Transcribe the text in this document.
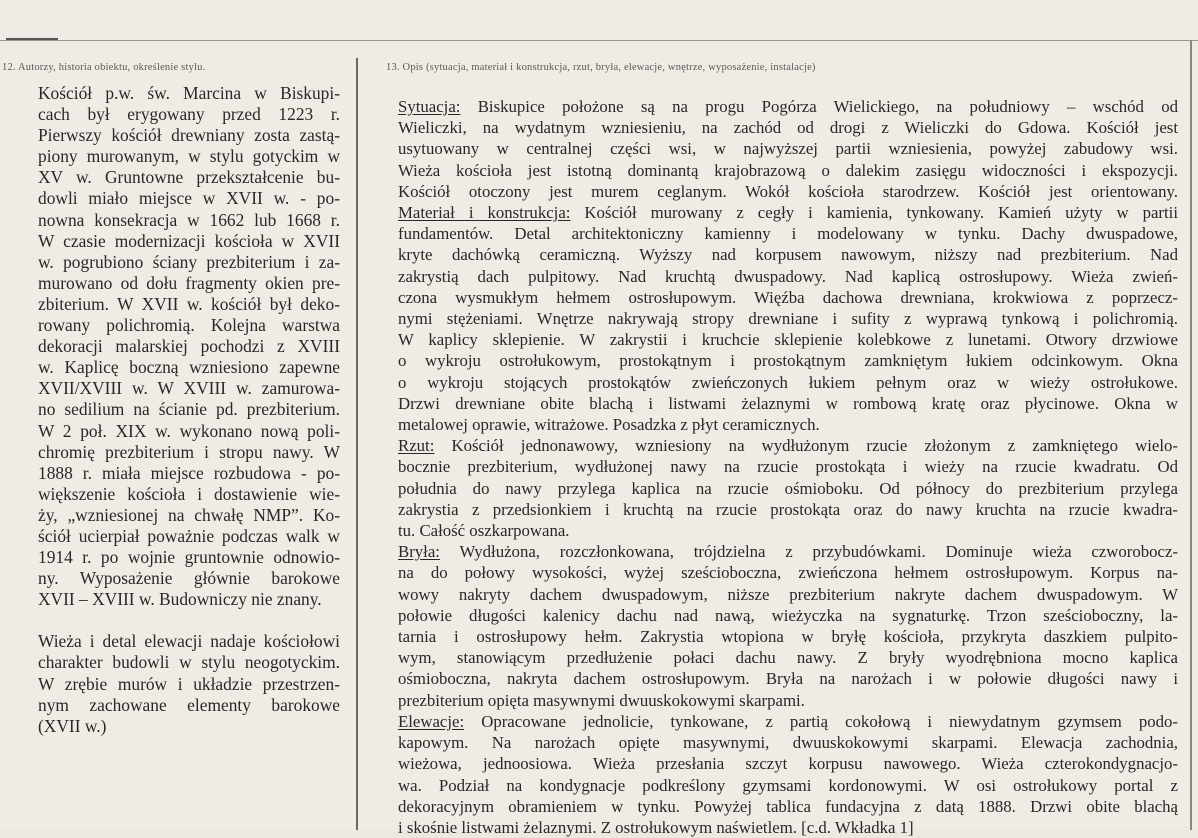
12. Autorzy, historia obiektu, określenie stylu.	13. Opis (sytuacja, materiał i konstrukcja, rzut, bryła, elewacje, wnętrze, wyposażenie, instalacje)
Kościół p.w. św. Marcina w Biskupi-
cach był erygowany przed 1223 r.
Pierwszy kościół drewniany zosta zastą-
piony murowanym, w stylu gotyckim w
XV w. Gruntowne przekształcenie bu-
dowli miało miejsce w XVII w. - po-
nowna konsekracja w 1662 lub 1668 r.
W czasie modernizacji kościoła w XVII
w. pogrubiono ściany prezbiterium i za-
murowano od dołu fragmenty okien pre-
zbiterium. W XVII w. kościół był deko-
rowany polichromią. Kolejna warstwa
dekoracji malarskiej pochodzi z XVIII
w. Kaplicę boczną wzniesiono zapewne
XVII/XVIII w. W XVIII w. zamurowa-
no sedilium na ścianie pd. prezbiterium.
W 2 poł. XIX w. wykonano nową poli-
chromię prezbiterium i stropu nawy. W
1888 r. miała miejsce rozbudowa - po-
większenie kościoła i dostawienie wie-
ży, „wzniesionej na chwałę NMP”. Ko-
ściół ucierpiał poważnie podczas walk w
1914 r. po wojnie gruntownie odnowio-
ny. Wyposażenie głównie barokowe
XVII – XVIII w. Budowniczy nie znany.
Wieża i detal elewacji nadaje kościołowi
charakter budowli w stylu neogotyckim.
W zrębie murów i układzie przestrzen-
nym zachowane elementy barokowe
(XVII w.)
Sytuacja: Biskupice położone są na progu Pogórza Wielickiego, na południowy – wschód od
Wieliczki, na wydatnym wzniesieniu, na zachód od drogi z Wieliczki do Gdowa. Kościół jest
usytuowany w centralnej części wsi, w najwyższej partii wzniesienia, powyżej zabudowy wsi.
Wieża kościoła jest istotną dominantą krajobrazową o dalekim zasięgu widoczności i ekspozycji.
Kościół otoczony jest murem ceglanym. Wokół kościoła starodrzew. Kościół jest orientowany.
Materiał i konstrukcja: Kościół murowany z cegły i kamienia, tynkowany. Kamień użyty w partii
fundamentów. Detal architektoniczny kamienny i modelowany w tynku. Dachy dwuspadowe,
kryte dachówką ceramiczną. Wyższy nad korpusem nawowym, niższy nad prezbiterium. Nad
zakrystią dach pulpitowy. Nad kruchtą dwuspadowy. Nad kaplicą ostrosłupowy. Wieża zwień-
czona wysmukłym hełmem ostrosłupowym. Więźba dachowa drewniana, krokwiowa z poprzecz-
nymi stężeniami. Wnętrze nakrywają stropy drewniane i sufity z wyprawą tynkową i polichromią.
W kaplicy sklepienie. W zakrystii i kruchcie sklepienie kolebkowe z lunetami. Otwory drzwiowe
o wykroju ostrołukowym, prostokątnym i prostokątnym zamkniętym łukiem odcinkowym. Okna
o wykroju stojących prostokątów zwieńczonych łukiem pełnym oraz w wieży ostrołukowe.
Drzwi drewniane obite blachą i listwami żelaznymi w rombową kratę oraz płycinowe. Okna w
metalowej oprawie, witrażowe. Posadzka z płyt ceramicznych.
Rzut: Kościół jednonawowy, wzniesiony na wydłużonym rzucie złożonym z zamkniętego wielo-
bocznie prezbiterium, wydłużonej nawy na rzucie prostokąta i wieży na rzucie kwadratu. Od
południa do nawy przylega kaplica na rzucie ośmioboku. Od północy do prezbiterium przylega
zakrystia z przedsionkiem i kruchtą na rzucie prostokąta oraz do nawy kruchta na rzucie kwadra-
tu. Całość oszkarpowana.
Bryła: Wydłużona, rozczłonkowana, trójdzielna z przybudówkami. Dominuje wieża czworobocz-
na do połowy wysokości, wyżej sześcioboczna, zwieńczona hełmem ostrosłupowym. Korpus na-
wowy nakryty dachem dwuspadowym, niższe prezbiterium nakryte dachem dwuspadowym. W
połowie długości kalenicy dachu nad nawą, wieżyczka na sygnaturkę. Trzon sześcioboczny, la-
tarnia i ostrosłupowy hełm. Zakrystia wtopiona w bryłę kościoła, przykryta daszkiem pulpito-
wym, stanowiącym przedłużenie połaci dachu nawy. Z bryły wyodrębniona mocno kaplica
ośmioboczna, nakryta dachem ostrosłupowym. Bryła na narożach i w połowie długości nawy i
prezbiterium opięta masywnymi dwuuskokowymi skarpami.
Elewacje: Opracowane jednolicie, tynkowane, z partią cokołową i niewydatnym gzymsem podo-
kapowym. Na narożach opięte masywnymi, dwuuskokowymi skarpami. Elewacja zachodnia,
wieżowa, jednoosiowa. Wieża przesłania szczyt korpusu nawowego. Wieża czterokondygnacjo-
wa. Podział na kondygnacje podkreślony gzymsami kordonowymi. W osi ostrołukowy portal z
dekoracyjnym obramieniem w tynku. Powyżej tablica fundacyjna z datą 1888. Drzwi obite blachą
i skośnie listwami żelaznymi. Z ostrołukowym naświetlem. [c.d. Wkładka 1]
